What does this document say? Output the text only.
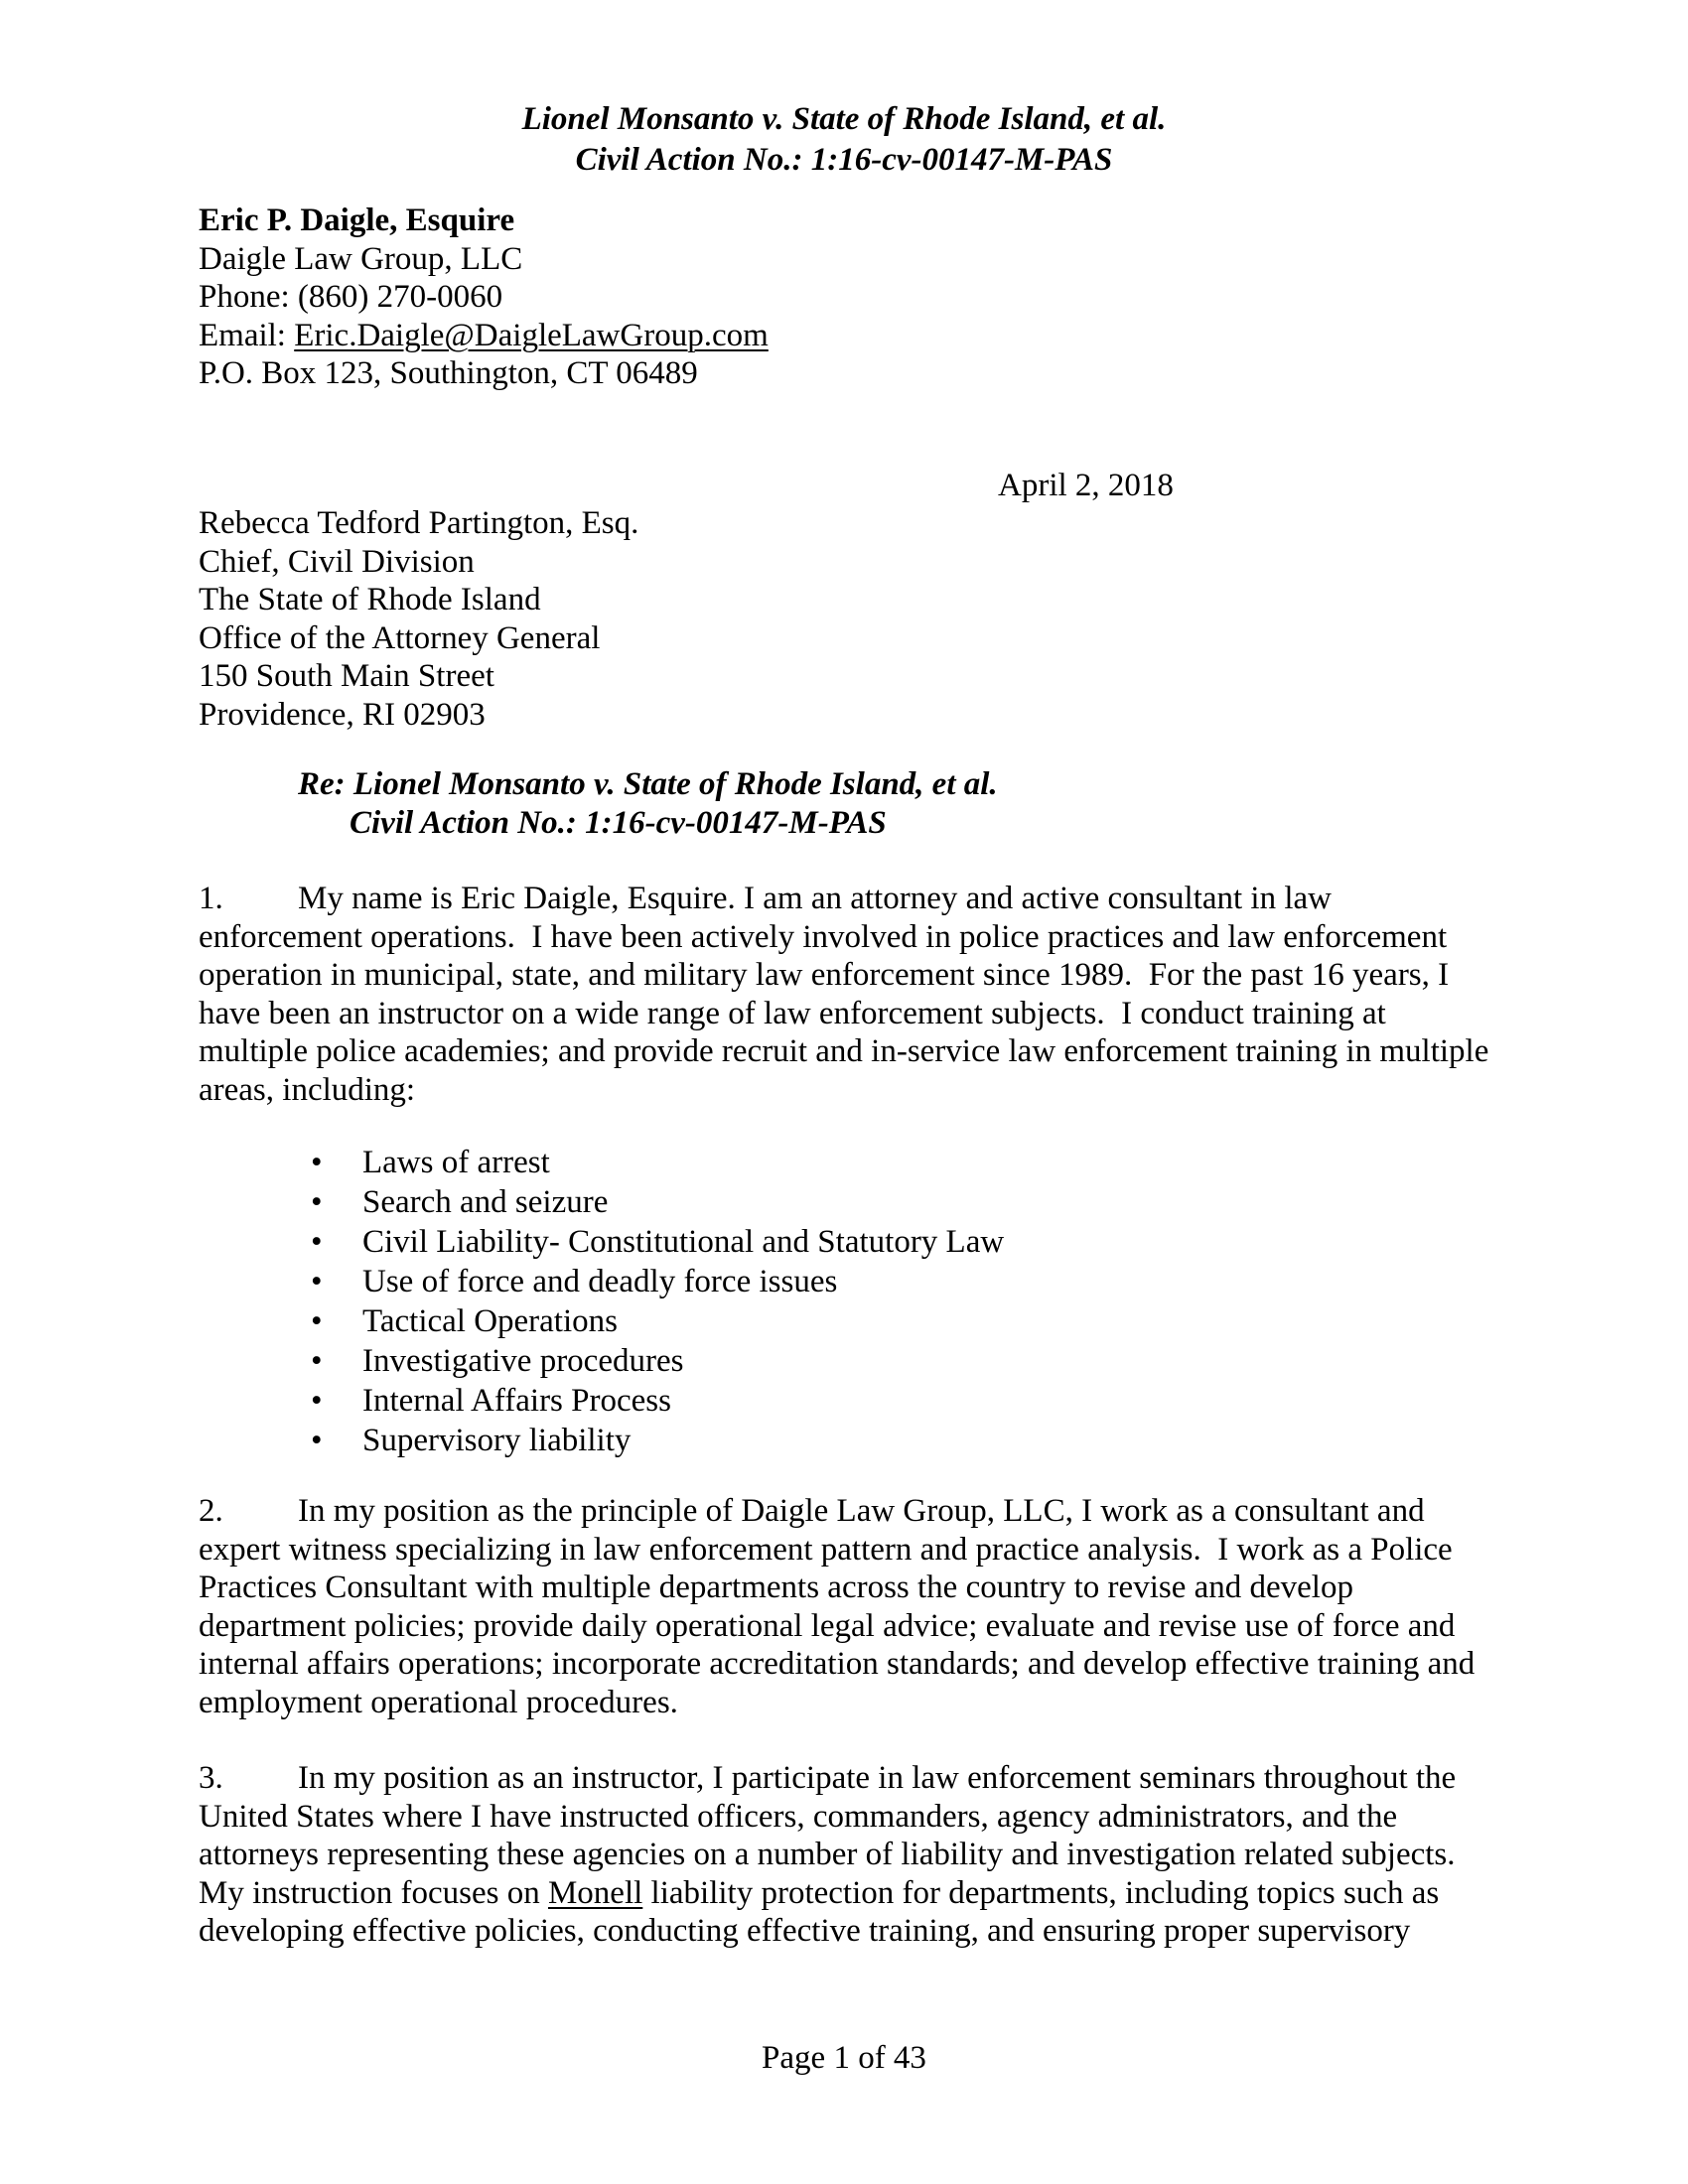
Lionel Monsanto v. State of Rhode Island, et al.
Civil Action No.: 1:16-cv-00147-M-PAS
Eric P. Daigle, Esquire
Daigle Law Group, LLC
Phone: (860) 270-0060
Email: Eric.Daigle@DaigleLawGroup.com
P.O. Box 123, Southington, CT 06489
April 2, 2018
Rebecca Tedford Partington, Esq.
Chief, Civil Division
The State of Rhode Island
Office of the Attorney General
150 South Main Street
Providence, RI 02903
Re: Lionel Monsanto v. State of Rhode Island, et al.
Civil Action No.: 1:16-cv-00147-M-PAS
1. My name is Eric Daigle, Esquire. I am an attorney and active consultant in law enforcement operations.  I have been actively involved in police practices and law enforcement operation in municipal, state, and military law enforcement since 1989.  For the past 16 years, I have been an instructor on a wide range of law enforcement subjects.  I conduct training at multiple police academies; and provide recruit and in-service law enforcement training in multiple areas, including:
• Laws of arrest
• Search and seizure
• Civil Liability- Constitutional and Statutory Law
• Use of force and deadly force issues
• Tactical Operations
• Investigative procedures
• Internal Affairs Process
• Supervisory liability
2. In my position as the principle of Daigle Law Group, LLC, I work as a consultant and expert witness specializing in law enforcement pattern and practice analysis.  I work as a Police Practices Consultant with multiple departments across the country to revise and develop department policies; provide daily operational legal advice; evaluate and revise use of force and internal affairs operations; incorporate accreditation standards; and develop effective training and employment operational procedures.
3. In my position as an instructor, I participate in law enforcement seminars throughout the United States where I have instructed officers, commanders, agency administrators, and the attorneys representing these agencies on a number of liability and investigation related subjects.  My instruction focuses on Monell liability protection for departments, including topics such as developing effective policies, conducting effective training, and ensuring proper supervisory
Page 1 of 43
